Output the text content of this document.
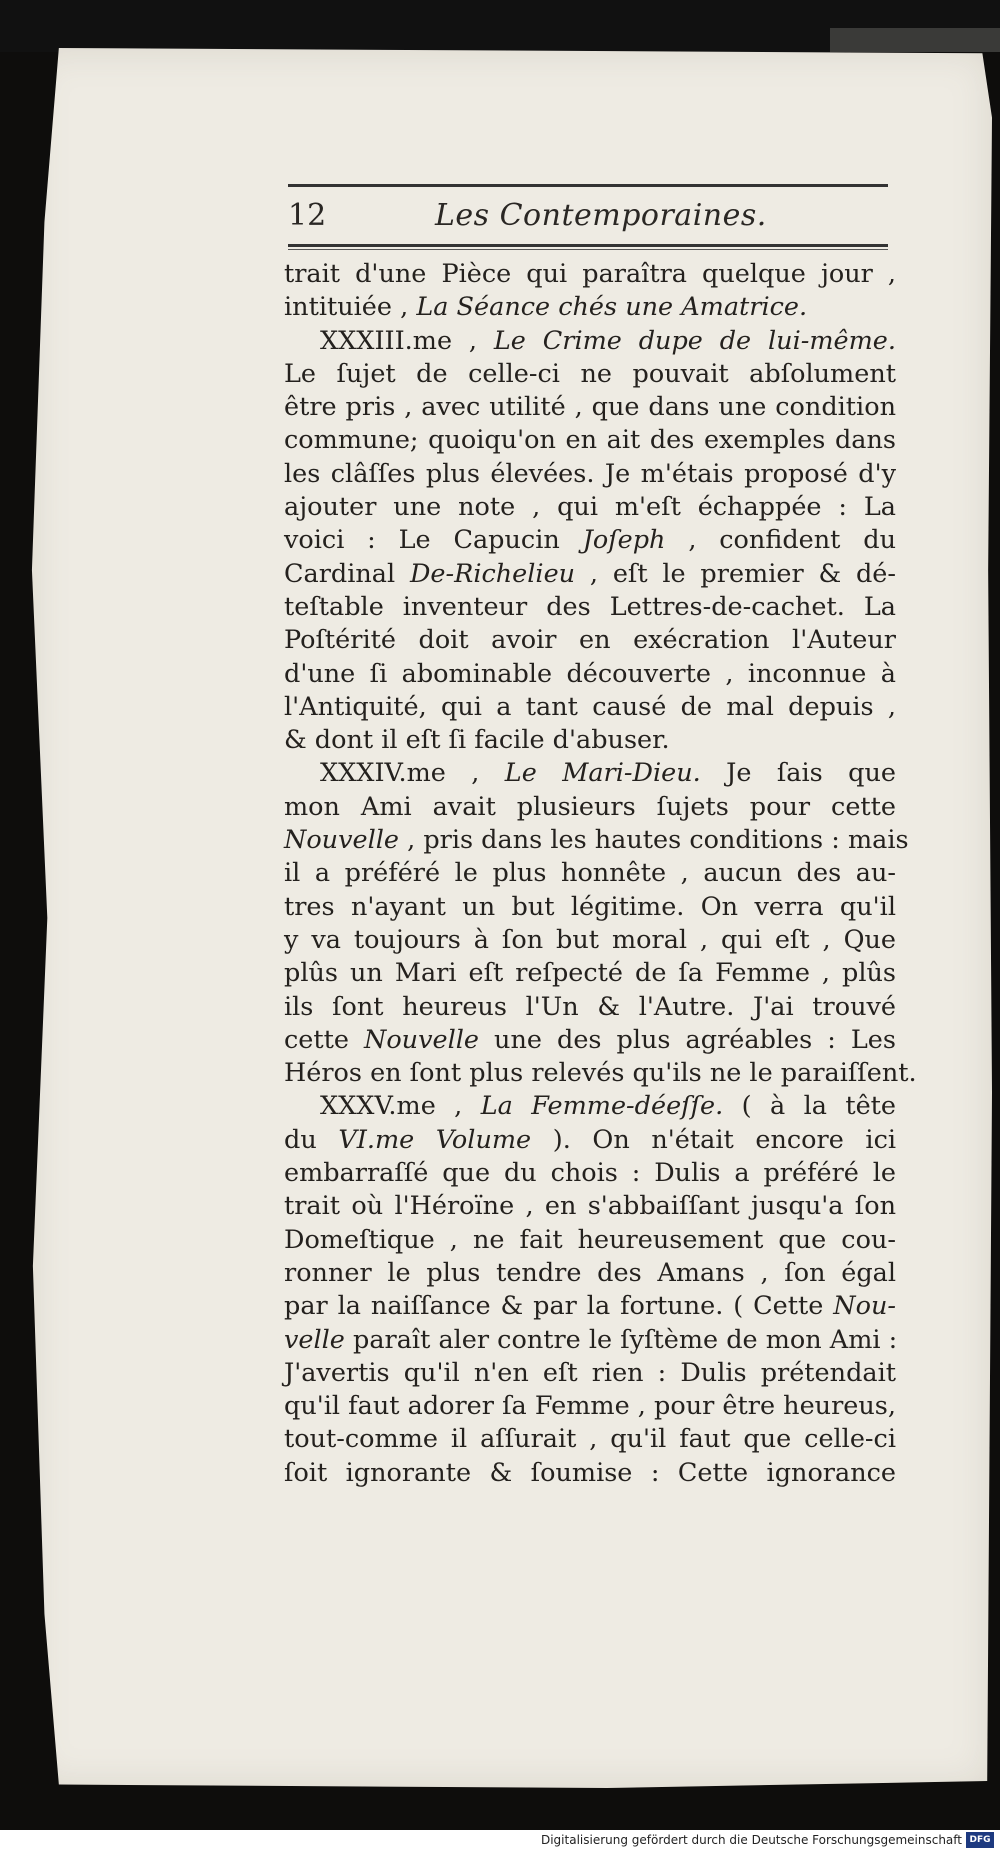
12	Les Contemporaines.
trait d'une Pièce qui paraîtra quelque jour ,
intituiée , La Séance chés une Amatrice.
XXXIII.me , Le Crime dupe de lui-même.
Le ſujet de celle-ci ne pouvait abſolument
être pris , avec utilité , que dans une condition
commune; quoiqu'on en ait des exemples dans
les clâſſes plus élevées. Je m'étais proposé d'y
ajouter une note , qui m'eſt échappée : La
voici : Le Capucin Joſeph , confident du
Cardinal De-Richelieu , eſt le premier & dé-
teſtable inventeur des Lettres-de-cachet. La
Poſtérité doit avoir en exécration l'Auteur
d'une ſi abominable découverte , inconnue à
l'Antiquité, qui a tant causé de mal depuis ,
& dont il eſt ſi facile d'abuser.
XXXIV.me , Le Mari-Dieu. Je ſais que
mon Ami avait plusieurs ſujets pour cette
Nouvelle , pris dans les hautes conditions : mais
il a préféré le plus honnête , aucun des au-
tres n'ayant un but légitime. On verra qu'il
y va toujours à ſon but moral , qui eſt , Que
plûs un Mari eſt reſpecté de ſa Femme , plûs
ils ſont heureus l'Un & l'Autre. J'ai trouvé
cette Nouvelle une des plus agréables : Les
Héros en ſont plus relevés qu'ils ne le paraiſſent.
XXXV.me , La Femme-déeſſe. ( à la tête
du VI.me Volume ). On n'était encore ici
embarraſſé que du chois : Dulis a préféré le
trait où l'Héroïne , en s'abbaiſſant jusqu'a ſon
Domeſtique , ne fait heureusement que cou-
ronner le plus tendre des Amans , ſon égal
par la naiſſance & par la fortune. ( Cette Nou-
velle paraît aler contre le ſyſtème de mon Ami :
J'avertis qu'il n'en eſt rien : Dulis prétendait
qu'il faut adorer ſa Femme , pour être heureus,
tout-comme il aſſurait , qu'il faut que celle-ci
ſoit ignorante & ſoumise : Cette ignorance
Digitalisierung gefördert durch die Deutsche Forschungsgemeinschaft DFG
